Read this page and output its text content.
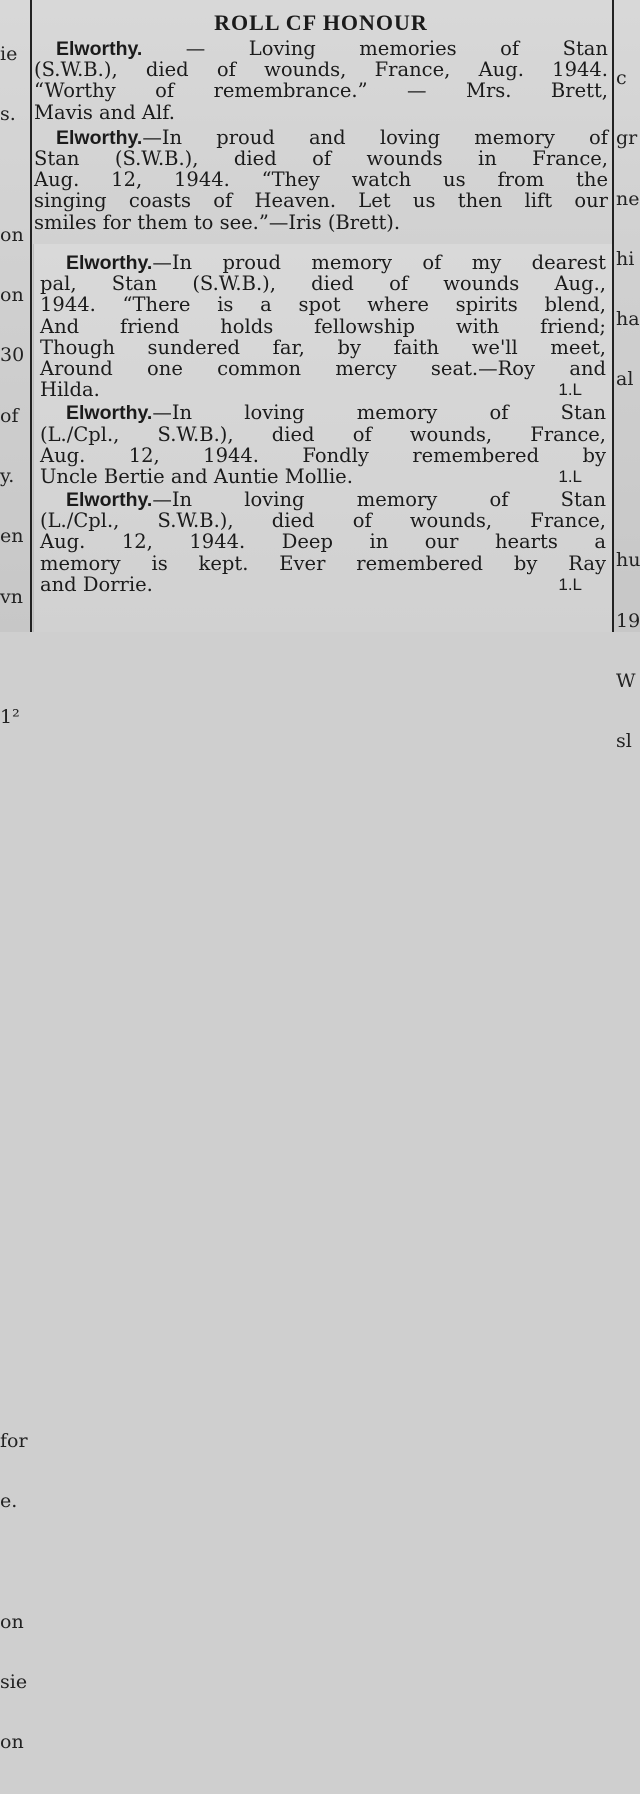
ie

s.

on

on

30

of

y.

en

vn

1²

for

e.

on

sie

on

c

gr

ne

hi

ha

al

hu

19

W

sl

ROLL CF HONOUR
Elworthy. — Loving memories of Stan
(S.W.B.), died of wounds, France, Aug. 1944.
“Worthy of remembrance.” — Mrs. Brett,
Mavis and Alf.
Elworthy.—In proud and loving memory of
Stan (S.W.B.), died of wounds in France,
Aug. 12, 1944. “They watch us from the
singing coasts of Heaven. Let us then lift our
smiles for them to see.”—Iris (Brett).
Elworthy.—In proud memory of my dearest
pal, Stan (S.W.B.), died of wounds Aug.,
1944. “There is a spot where spirits blend,
And friend holds fellowship with friend;
Though sundered far, by faith we'll meet,
Around one common mercy seat.—Roy and
Hilda.	1.L
Elworthy.—In loving memory of Stan
(L./Cpl., S.W.B.), died of wounds, France,
Aug. 12, 1944. Fondly remembered by
Uncle Bertie and Auntie Mollie.	1.L
Elworthy.—In loving memory of Stan
(L./Cpl., S.W.B.), died of wounds, France,
Aug. 12, 1944. Deep in our hearts a
memory is kept. Ever remembered by Ray
and Dorrie.	1.L
